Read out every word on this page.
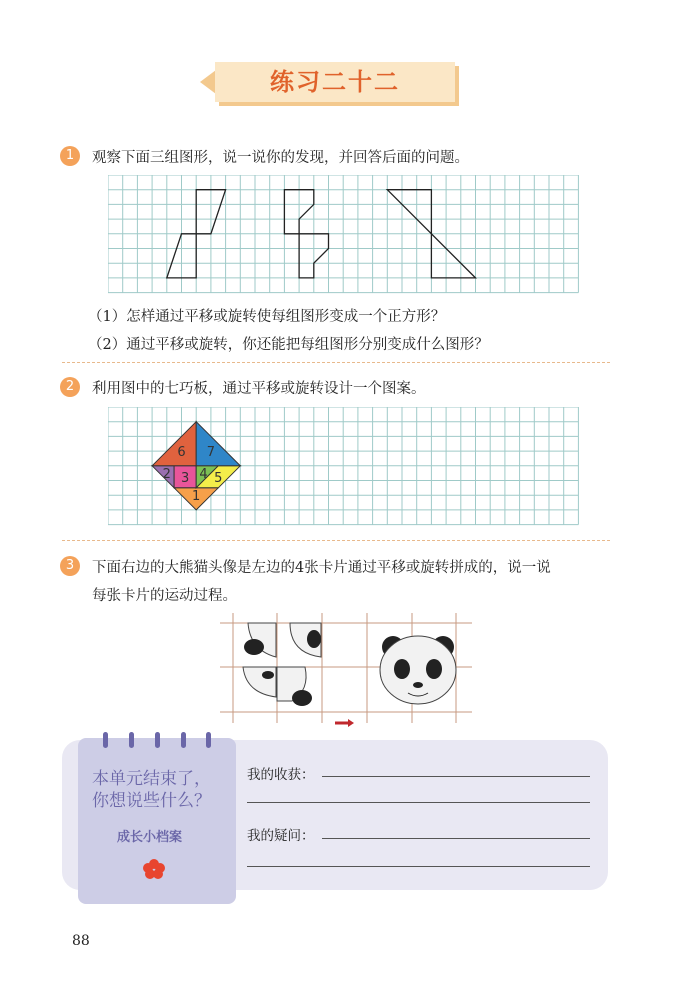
练习二十二
1	观察下面三组图形，说一说你的发现，并回答后面的问题。
（1）怎样通过平移或旋转使每组图形变成一个正方形？
（2）通过平移或旋转，你还能把每组图形分别变成什么图形？
2	利用图中的七巧板，通过平移或旋转设计一个图案。
1
2 3 4 5
6 7
3	下面右边的大熊猫头像是左边的4张卡片通过平移或旋转拼成的，说一说
每张卡片的运动过程。
本单元结束了，
你想说些什么？
成长小档案
我的收获：
我的疑问：
88
